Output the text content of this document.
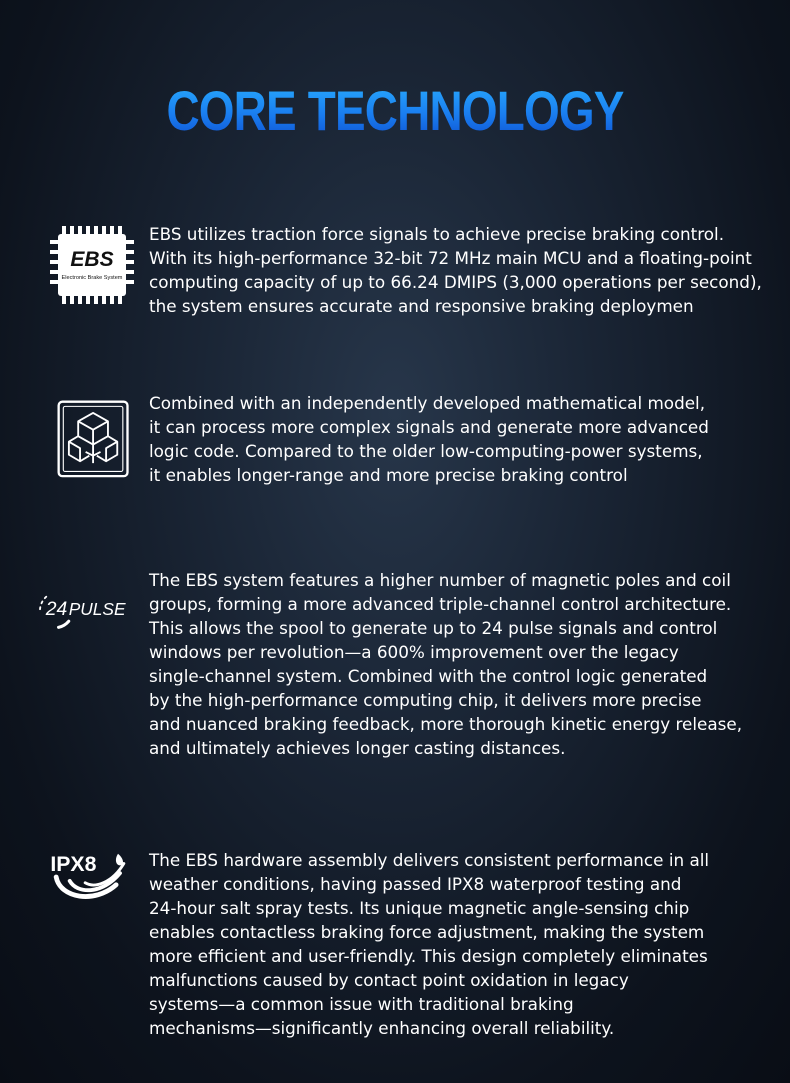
CORE TECHNOLOGY
EBS
Electronic Brake System

EBS utilizes traction force signals to achieve precise braking control.
With its high-performance 32-bit 72 MHz main MCU and a floating-point
computing capacity of up to 66.24 DMIPS (3,000 operations per second),
the system ensures accurate and responsive braking deploymen

Combined with an independently developed mathematical model,
it can process more complex signals and generate more advanced
logic code. Compared to the older low-computing-power systems,
it enables longer-range and more precise braking control

24 PULSE

The EBS system features a higher number of magnetic poles and coil
groups, forming a more advanced triple-channel control architecture.
This allows the spool to generate up to 24 pulse signals and control
windows per revolution—a 600% improvement over the legacy
single-channel system. Combined with the control logic generated
by the high-performance computing chip, it delivers more precise
and nuanced braking feedback, more thorough kinetic energy release,
and ultimately achieves longer casting distances.

IPX8	The EBS hardware assembly delivers consistent performance in all
weather conditions, having passed IPX8 waterproof testing and
24-hour salt spray tests. Its unique magnetic angle-sensing chip
enables contactless braking force adjustment, making the system
more efficient and user-friendly. This design completely eliminates
malfunctions caused by contact point oxidation in legacy
systems—a common issue with traditional braking
mechanisms—significantly enhancing overall reliability.
